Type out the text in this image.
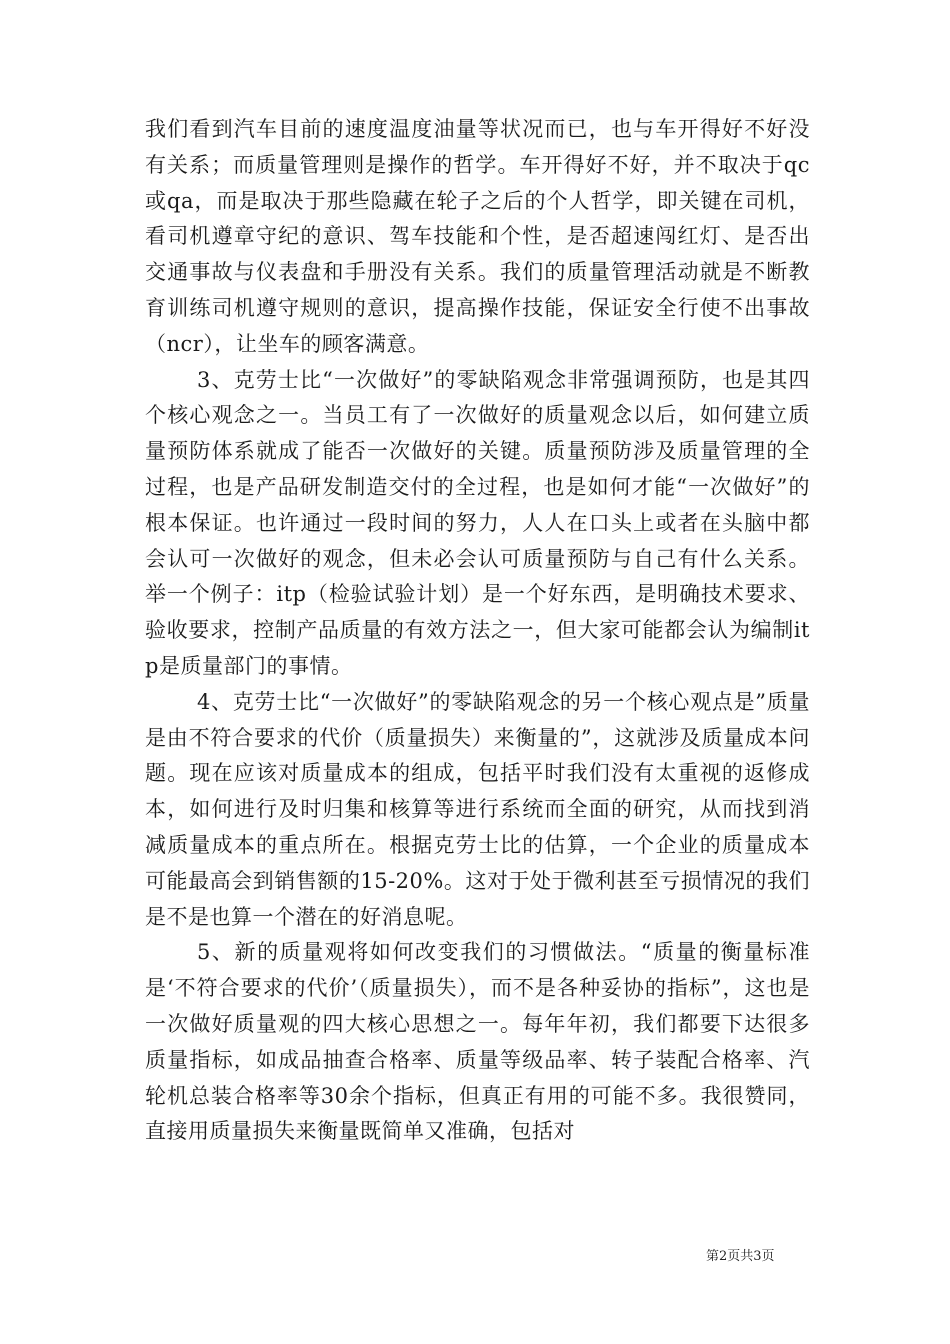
我们看到汽车目前的速度温度油量等状况而已，也与车开得好不好没有关系；而质量管理则是操作的哲学。车开得好不好，并不取决于qc或qa，而是取决于那些隐藏在轮子之后的个人哲学，即关键在司机，看司机遵章守纪的意识、驾车技能和个性，是否超速闯红灯、是否出交通事故与仪表盘和手册没有关系。我们的质量管理活动就是不断教育训练司机遵守规则的意识，提高操作技能，保证安全行使不出事故（ncr），让坐车的顾客满意。

3、克劳士比“一次做好”的零缺陷观念非常强调预防，也是其四个核心观念之一。当员工有了一次做好的质量观念以后，如何建立质量预防体系就成了能否一次做好的关键。质量预防涉及质量管理的全过程，也是产品研发制造交付的全过程，也是如何才能“一次做好”的根本保证。也许通过一段时间的努力，人人在口头上或者在头脑中都会认可一次做好的观念，但未必会认可质量预防与自己有什么关系。举一个例子：itp（检验试验计划）是一个好东西，是明确技术要求、验收要求，控制产品质量的有效方法之一，但大家可能都会认为编制itp是质量部门的事情。

4、克劳士比“一次做好”的零缺陷观念的另一个核心观点是”质量是由不符合要求的代价（质量损失）来衡量的”，这就涉及质量成本问题。现在应该对质量成本的组成，包括平时我们没有太重视的返修成本，如何进行及时归集和核算等进行系统而全面的研究，从而找到消减质量成本的重点所在。根据克劳士比的估算，一个企业的质量成本可能最高会到销售额的15-20%。这对于处于微利甚至亏损情况的我们是不是也算一个潜在的好消息呢。

5、新的质量观将如何改变我们的习惯做法。“质量的衡量标准是‘不符合要求的代价’（质量损失），而不是各种妥协的指标”，这也是一次做好质量观的四大核心思想之一。每年年初，我们都要下达很多质量指标，如成品抽查合格率、质量等级品率、转子装配合格率、汽轮机总装合格率等30余个指标，但真正有用的可能不多。我很赞同，直接用质量损失来衡量既简单又准确，包括对

第2页共3页
